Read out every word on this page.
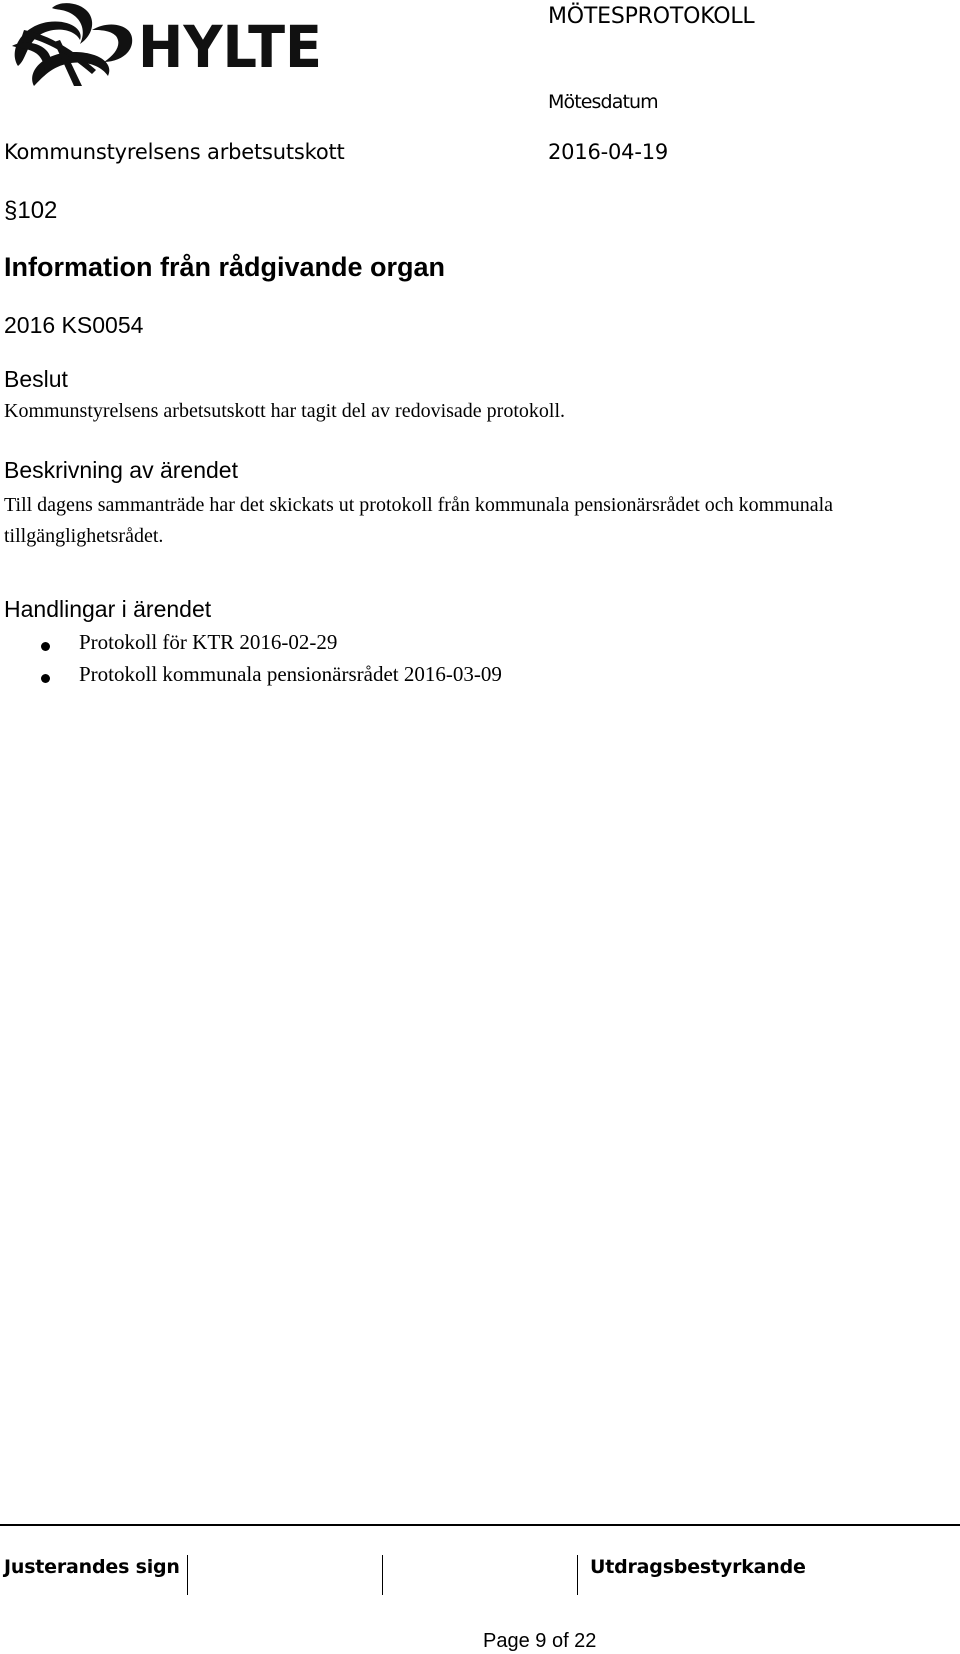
HYLTE	MÖTESPROTOKOLL
Mötesdatum
Kommunstyrelsens arbetsutskott	2016-04-19
§102
Information från rådgivande organ
2016 KS0054
Beslut
Kommunstyrelsens arbetsutskott har tagit del av redovisade protokoll.
Beskrivning av ärendet
Till dagens sammanträde har det skickats ut protokoll från kommunala pensionärsrådet och kommunala tillgänglighetsrådet.
Handlingar i ärendet
Protokoll för KTR 2016-02-29
Protokoll kommunala pensionärsrådet 2016-03-09
Justerandes sign	Utdragsbestyrkande
Page 9 of 22
